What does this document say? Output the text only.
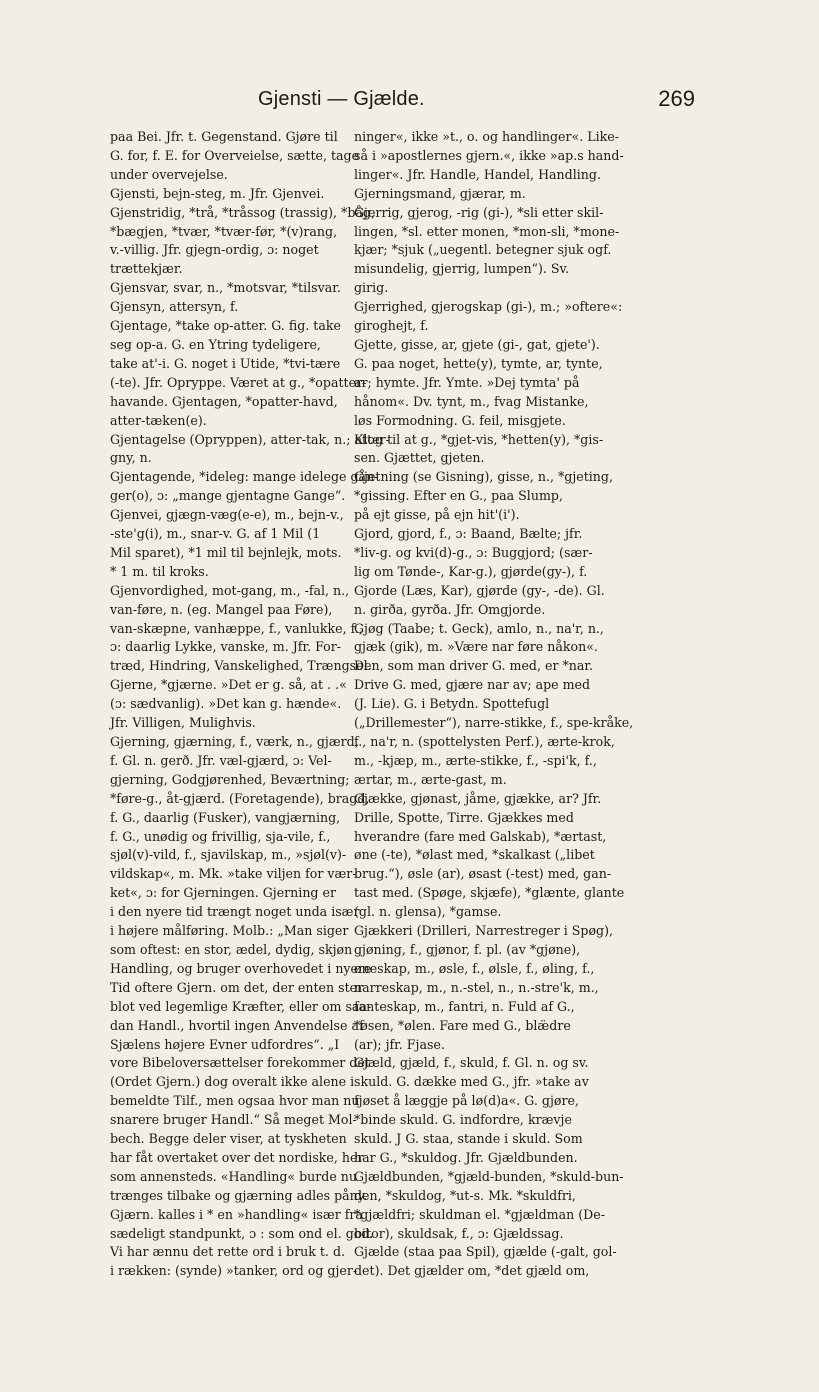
Gjensti — Gjælde.	269
paa Bei. Jfr. t. Gegenstand. Gjøre til
G. for, f. E. for Overveielse, sætte, tage
under overvejelse.
Gjensti, bejn-steg, m. Jfr. Gjenvei.
Gjenstridig, *trå, *tråssog (trassig), *båg,
*bægjen, *tvær, *tvær-før, *(v)rang,
v.-villig. Jfr. gjegn-ordig, ɔ: noget
trættekjær.
Gjensvar, svar, n., *motsvar, *tilsvar.
Gjensyn, attersyn, f.
Gjentage, *take op-atter. G. fig. take
seg op-a. G. en Ytring tydeligere,
take at'-i. G. noget i Utide, *tvi-tære
(-te). Jfr. Opryppe. Været at g., *opatter-
havande. Gjentagen, *opatter-havd,
atter-tæken(e).
Gjentagelse (Opryppen), atter-tak, n.; atter-
gny, n.
Gjentagende, *ideleg: mange idelege gån-
ger(o), ɔ: „mange gjentagne Gange“.
Gjenvei, gjægn-væg(e-e), m., bejn-v.,
-ste'g(i), m., snar-v. G. af 1 Mil (1
Mil sparet), *1 mil til bejnlejk, mots.
* 1 m. til kroks.
Gjenvordighed, mot-gang, m., -fal, n.,
van-føre, n. (eg. Mangel paa Føre),
van-skæpne, vanhæppe, f., vanlukke, f.,
ɔ: daarlig Lykke, vanske, m. Jfr. For-
træd, Hindring, Vanskelighed, Trængsel.
Gjerne, *gjærne. »Det er g. så, at . .«
(ɔ: sædvanlig). »Det kan g. hænde«.
Jfr. Villigen, Mulighvis.
Gjerning, gjærning, f., værk, n., gjærd,
f. Gl. n. gerð. Jfr. væl-gjærd, ɔ: Vel-
gjerning, Godgjørenhed, Beværtning;
*føre-g., åt-gjærd. (Foretagende), bragd,
f. G., daarlig (Fusker), vangjærning,
f. G., unødig og frivillig, sja-vile, f.,
sjøl(v)-vild, f., sjavilskap, m., »sjøl(v)-
vildskap«, m. Mk. »take viljen for vær-
ket«, ɔ: for Gjerningen. Gjerning er
i den nyere tid trængt noget unda især
i højere målføring. Molb.: „Man siger
som oftest: en stor, ædel, dydig, skjøn
Handling, og bruger overhovedet i nyere
Tid oftere Gjern. om det, der enten ster
blot ved legemlige Kræfter, eller om saa-
dan Handl., hvortil ingen Anvendelse af
Sjælens højere Evner udfordres“. „I
vore Bibeloversættelser forekommer det
(Ordet Gjern.) dog overalt ikke alene i
bemeldte Tilf., men ogsaa hvor man nu
snarere bruger Handl.“ Så meget Mol-
bech. Begge deler viser, at tyskheten
har fåt overtaket over det nordiske, her
som annensteds. «Handling« burde nu
trænges tilbake og gjærning adles påny.
Gjærn. kalles i * en »handling« især fra
sædeligt standpunkt, ɔ : som ond el. god.
Vi har ænnu det rette ord i bruk t. d.
i rækken: (synde) »tanker, ord og gjer-
ninger«, ikke »t., o. og handlinger«. Like-
så i »apostlernes gjern.«, ikke »ap.s hand-
linger«. Jfr. Handle, Handel, Handling.
Gjerningsmand, gjærar, m.
Gjerrig, gjerog, -rig (gi-), *sli etter skil-
lingen, *sl. etter monen, *mon-sli, *mone-
kjær; *sjuk („uegentl. betegner sjuk ogf.
misundelig, gjerrig, lumpen“). Sv.
girig.
Gjerrighed, gjerogskap (gi-), m.; »oftere«:
giroghejt, f.
Gjette, gisse, ar, gjete (gi-, gat, gjete').
G. paa noget, hette(y), tymte, ar, tynte,
ar; hymte. Jfr. Ymte. »Dej tymta' på
hånom«. Dv. tynt, m., fvag Mistanke,
løs Formodning. G. feil, misgjete.
Klog til at g., *gjet-vis, *hetten(y), *gis-
sen. Gjættet, gjeten.
Gjetning (se Gisning), gisse, n., *gjeting,
*gissing. Efter en G., paa Slump,
på ejt gisse, på ejn hit'(i').
Gjord, gjord, f., ɔ: Baand, Bælte; jfr.
*liv-g. og kvi(d)-g., ɔ: Buggjord; (sær-
lig om Tønde-, Kar-g.), gjørde(gy-), f.
Gjorde (Læs, Kar), gjørde (gy-, -de). Gl.
n. girða, gyrða. Jfr. Omgjorde.
Gjøg (Taabe; t. Geck), amlo, n., na'r, n.,
gjæk (gik), m. »Være nar føre nåkon«.
Den, som man driver G. med, er *nar.
Drive G. med, gjære nar av; ape med
(J. Lie). G. i Betydn. Spottefugl
(„Drillemester“), narre-stikke, f., spe-kråke,
f., na'r, n. (spottelysten Perf.), ærte-krok,
m., -kjæp, m., ærte-stikke, f., -spi'k, f.,
ærtar, m., ærte-gast, m.
Gjække, gjønast, jåme, gjække, ar? Jfr.
Drille, Spotte, Tirre. Gjækkes med
hverandre (fare med Galskab), *ærtast,
øne (-te), *ølast med, *skalkast („libet
brug.“), øsle (ar), øsast (-test) med, gan-
tast med. (Spøge, skjæfe), *glænte, glante
(gl. n. glensa), *gamse.
Gjækkeri (Drilleri, Narrestreger i Spøg),
gjøning, f., gjønor, f. pl. (av *gjøne),
øneskap, m., øsle, f., ølsle, f., øling, f.,
narreskap, m., n.-stel, n., n.-stre'k, m.,
fanteskap, m., fantri, n. Fuld af G.,
*øsen, *ølen. Fare med G., blæ̈dre
(ar); jfr. Fjase.
Gjæld, gjæld, f., skuld, f. Gl. n. og sv.
skuld. G. dække med G., jfr. »take av
fjøset å læggje på lø(d)a«. G. gjøre,
*binde skuld. G. indfordre, krævje
skuld. J G. staa, stande i skuld. Som
har G., *skuldog. Jfr. Gjældbunden.
Gjældbunden, *gjæld-bunden, *skuld-bun-
den, *skuldog, *ut-s. Mk. *skuldfri,
*gjældfri; skuldman el. *gjældman (De-
bitor), skuldsak, f., ɔ: Gjældssag.
Gjælde (staa paa Spil), gjælde (-galt, gol-
det). Det gjælder om, *det gjæld om,
